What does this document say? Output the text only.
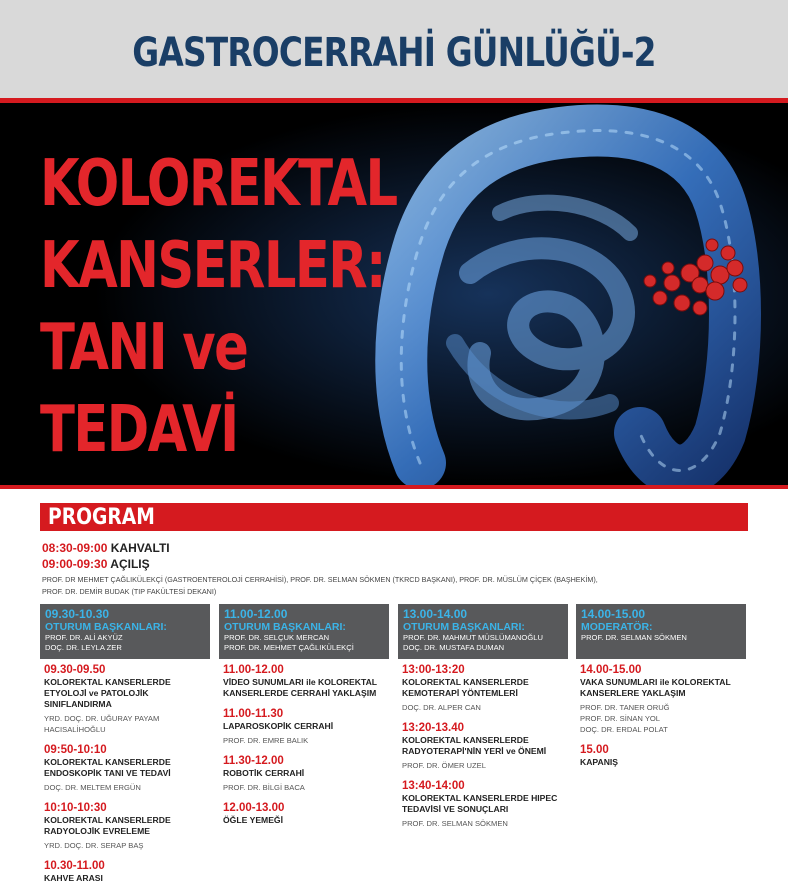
GASTROCERRAHİ GÜNLÜĞÜ-2
KOLOREKTAL
KANSERLER:
TANI ve
TEDAVİ
PROGRAM
08:30-09:00 KAHVALTI
09:00-09:30 AÇILIŞ
PROF. DR MEHMET ÇAĞLIKÜLEKÇİ (GASTROENTEROLOJİ CERRAHİSİ), PROF. DR. SELMAN SÖKMEN (TKRCD BAŞKANI), PROF. DR. MÜSLÜM ÇİÇEK (BAŞHEKİM),
PROF. DR. DEMİR BUDAK (TIP FAKÜLTESİ DEKANI)
09.30-10.30
OTURUM BAŞKANLARI:
PROF. DR. ALİ AKYÜZ
DOÇ. DR. LEYLA ZER
09.30-09.50
KOLOREKTAL KANSERLERDE ETYOLOJİ ve PATOLOJİK SINIFLANDIRMA
YRD. DOÇ. DR. UĞURAY PAYAM HACISALİHOĞLU
09:50-10:10
KOLOREKTAL KANSERLERDE ENDOSKOPİK TANI VE TEDAVİ
DOÇ. DR. MELTEM ERGÜN
10:10-10:30
KOLOREKTAL KANSERLERDE RADYOLOJİK EVRELEME
YRD. DOÇ. DR. SERAP BAŞ
10.30-11.00
KAHVE ARASI
11.00-12.00
OTURUM BAŞKANLARI:
PROF. DR. SELÇUK MERCAN
PROF. DR. MEHMET ÇAĞLIKÜLEKÇİ
11.00-12.00
VİDEO SUNUMLARI ile KOLOREKTAL KANSERLERDE CERRAHİ YAKLAŞIM
11.00-11.30
LAPAROSKOPİK CERRAHİ
PROF. DR. EMRE BALIK
11.30-12.00
ROBOTİK CERRAHİ
PROF. DR. BİLGİ BACA
12.00-13.00
ÖĞLE YEMEĞİ
13.00-14.00
OTURUM BAŞKANLARI:
PROF. DR. MAHMUT MÜSLÜMANOĞLU
DOÇ. DR. MUSTAFA DUMAN
13:00-13:20
KOLOREKTAL KANSERLERDE KEMOTERAPİ YÖNTEMLERİ
DOÇ. DR. ALPER CAN
13:20-13.40
KOLOREKTAL KANSERLERDE RADYOTERAPİ'NİN YERİ ve ÖNEMİ
PROF. DR. ÖMER UZEL
13:40-14:00
KOLOREKTAL KANSERLERDE HIPEC TEDAVİSİ VE SONUÇLARI
PROF. DR. SELMAN SÖKMEN
14.00-15.00
MODERATÖR:
PROF. DR. SELMAN SÖKMEN
14.00-15.00
VAKA SUNUMLARI ile KOLOREKTAL KANSERLERE YAKLAŞIM
PROF. DR. TANER ORUĞ
PROF. DR. SİNAN YOL
DOÇ. DR. ERDAL POLAT
15.00
KAPANIŞ
